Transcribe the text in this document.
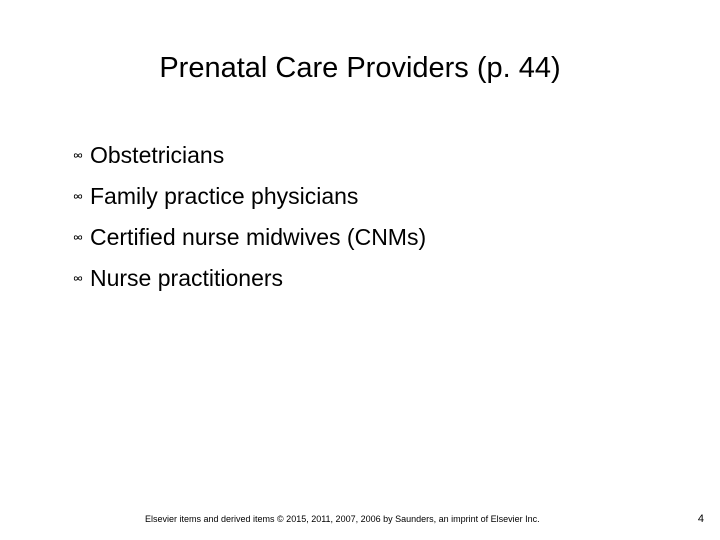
Prenatal Care Providers (p. 44)
Obstetricians
Family practice physicians
Certified nurse midwives (CNMs)
Nurse practitioners
Elsevier items and derived items © 2015, 2011, 2007, 2006 by Saunders, an imprint of Elsevier Inc.	4
